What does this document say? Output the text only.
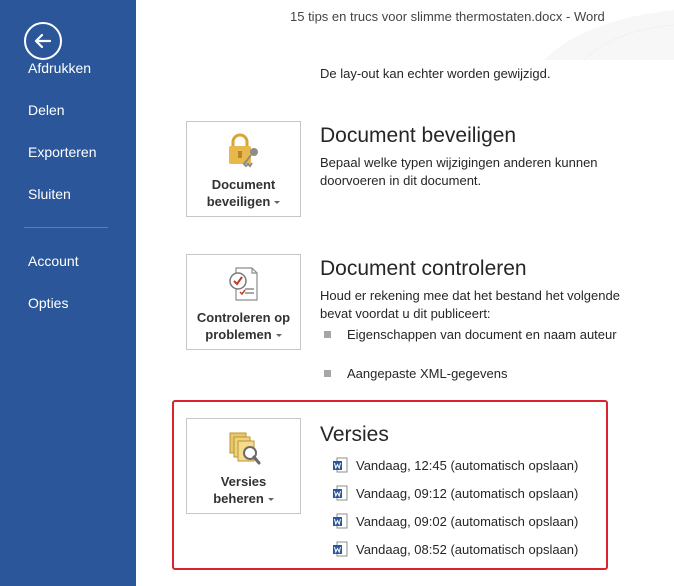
Afdrukken
Delen
Exporteren
Sluiten
Account
Opties
15 tips en trucs voor slimme thermostaten.docx - Word
De lay-out kan echter worden gewijzigd.
Document
beveiligen
Document beveiligen
Bepaal welke typen wijzigingen anderen kunnen doorvoeren in dit document.
Controleren op
problemen
Document controleren
Houd er rekening mee dat het bestand het volgende bevat voordat u dit publiceert:
Eigenschappen van document en naam auteur
Aangepaste XML-gegevens
Versies
beheren
Versies
Vandaag, 12:45 (automatisch opslaan)
Vandaag, 09:12 (automatisch opslaan)
Vandaag, 09:02 (automatisch opslaan)
Vandaag, 08:52 (automatisch opslaan)
